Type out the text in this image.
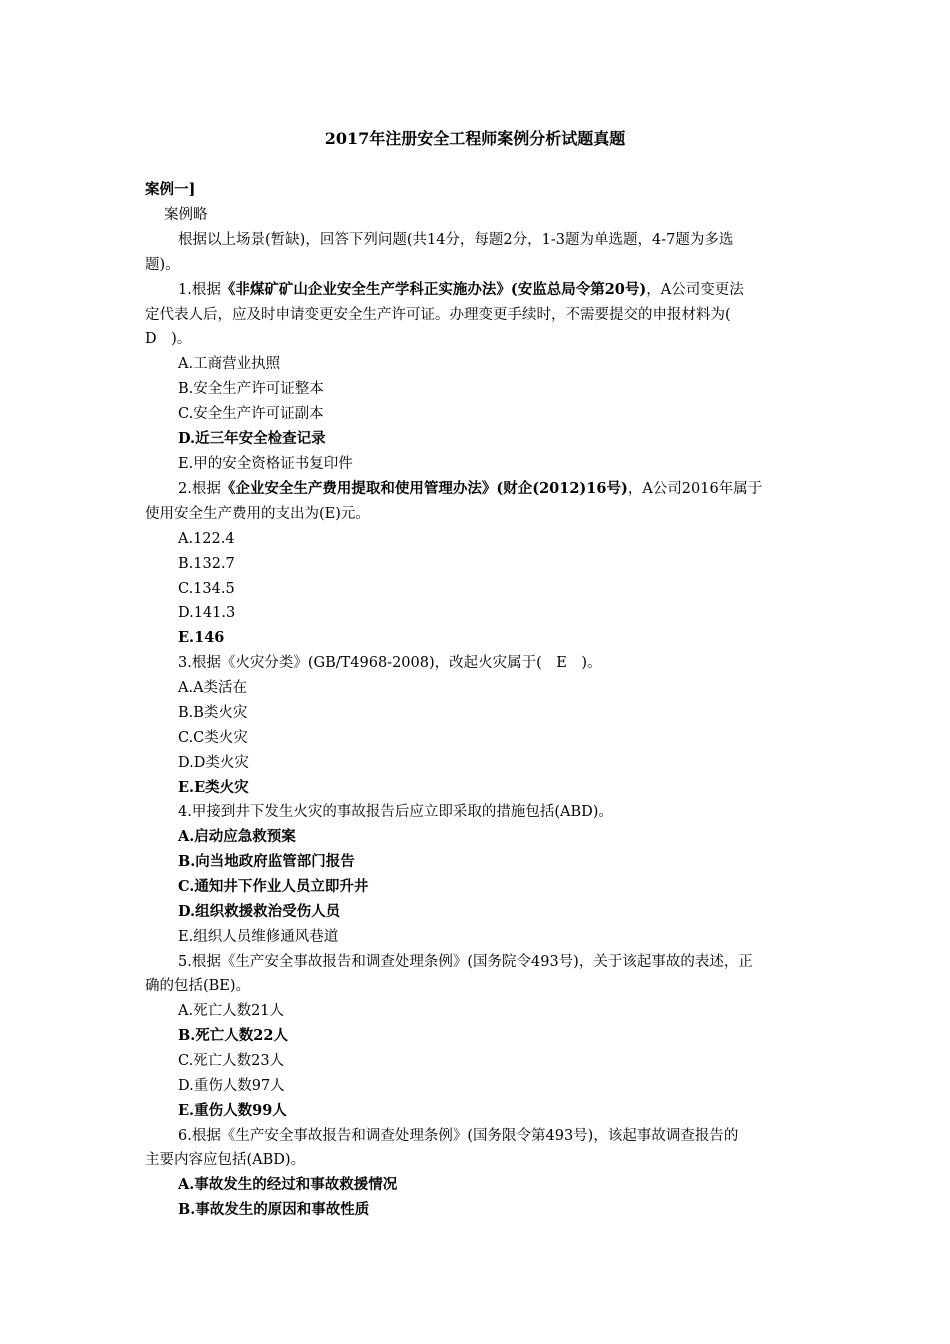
2017年注册安全工程师案例分析试题真题
案例一]
案例略
根据以上场景(暂缺)，回答下列问题(共14分，每题2分，1-3题为单选题，4-7题为多选
题)。
1.根据《非煤矿矿山企业安全生产学科正实施办法》(安监总局令第20号)，A公司变更法
定代表人后，应及时申请变更安全生产许可证。办理变更手续时，不需要提交的申报材料为(
D　)。
A.工商营业执照
B.安全生产许可证整本
C.安全生产许可证副本
D.近三年安全检查记录
E.甲的安全资格证书复印件
2.根据《企业安全生产费用提取和使用管理办法》(财企(2012)16号)，A公司2016年属于
使用安全生产费用的支出为(E)元。
A.122.4
B.132.7
C.134.5
D.141.3
E.146
3.根据《火灾分类》(GB/T4968-2008)，改起火灾属于(　E　)。
A.A类活在
B.B类火灾
C.C类火灾
D.D类火灾
E.E类火灾
4.甲接到井下发生火灾的事故报告后应立即采取的措施包括(ABD)。
A.启动应急救预案
B.向当地政府监管部门报告
C.通知井下作业人员立即升井
D.组织救援救治受伤人员
E.组织人员维修通风巷道
5.根据《生产安全事故报告和调查处理条例》(国务院令493号)，关于该起事故的表述，正
确的包括(BE)。
A.死亡人数21人
B.死亡人数22人
C.死亡人数23人
D.重伤人数97人
E.重伤人数99人
6.根据《生产安全事故报告和调查处理条例》(国务限令第493号)，该起事故调查报告的
主要内容应包括(ABD)。
A.事故发生的经过和事故救援情况
B.事故发生的原因和事故性质
